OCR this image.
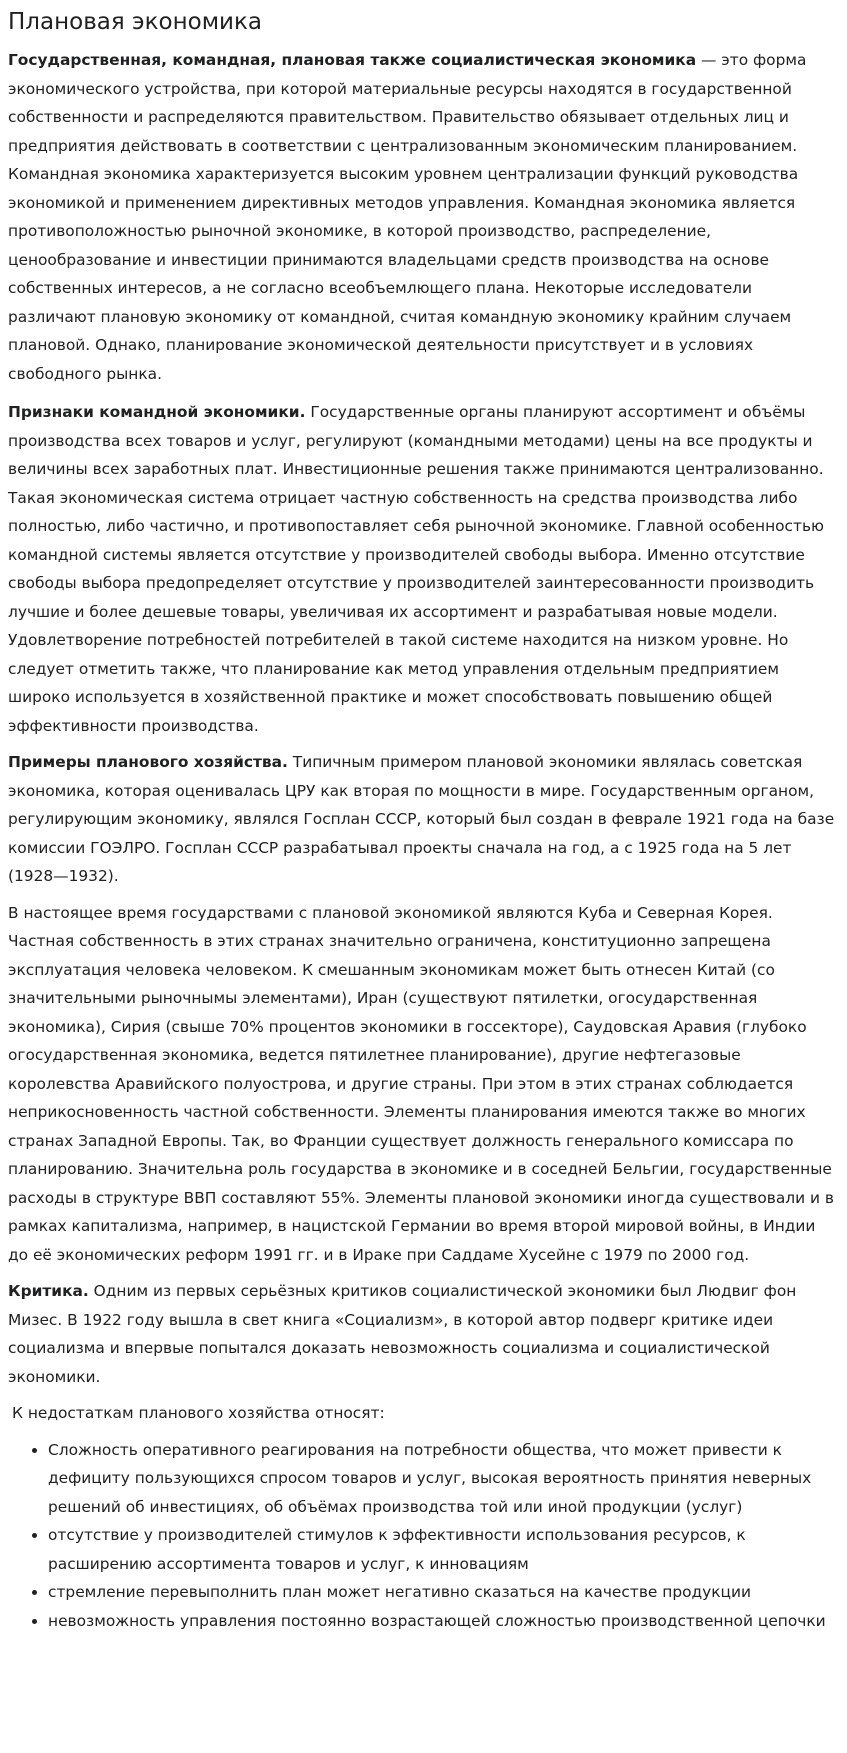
Плановая экономика

Государственная, командная, плановая также социалистическая экономика — это форма экономического устройства, при которой материальные ресурсы находятся в государственной собственности и распределяются правительством. Правительство обязывает отдельных лиц и предприятия действовать в соответствии с централизованным экономическим планированием. Командная экономика характеризуется высоким уровнем централизации функций руководства экономикой и применением директивных методов управления. Командная экономика является противоположностью рыночной экономике, в которой производство, распределение, ценообразование и инвестиции принимаются владельцами средств производства на основе собственных интересов, а не согласно всеобъемлющего плана. Некоторые исследователи различают плановую экономику от командной, считая командную экономику крайним случаем плановой. Однако, планирование экономической деятельности присутствует и в условиях свободного рынка.

Признаки командной экономики. Государственные органы планируют ассортимент и объёмы производства всех товаров и услуг, регулируют (командными методами) цены на все продукты и величины всех заработных плат. Инвестиционные решения также принимаются централизованно. Такая экономическая система отрицает частную собственность на средства производства либо полностью, либо частично, и противопоставляет себя рыночной экономике. Главной особенностью командной системы является отсутствие у производителей свободы выбора. Именно отсутствие свободы выбора предопределяет отсутствие у производителей заинтересованности производить лучшие и более дешевые товары, увеличивая их ассортимент и разрабатывая новые модели. Удовлетворение потребностей потребителей в такой системе находится на низком уровне. Но следует отметить также, что планирование как метод управления отдельным предприятием широко используется в хозяйственной практике и может способствовать повышению общей эффективности производства.

Примеры планового хозяйства. Типичным примером плановой экономики являлась советская экономика, которая оценивалась ЦРУ как вторая по мощности в мире. Государственным органом, регулирующим экономику, являлся Госплан СССР, который был создан в феврале 1921 года на базе комиссии ГОЭЛРО. Госплан СССР разрабатывал проекты сначала на год, а с 1925 года на 5 лет (1928—1932).

В настоящее время государствами с плановой экономикой являются Куба и Северная Корея. Частная собственность в этих странах значительно ограничена, конституционно запрещена эксплуатация человека человеком. К смешанным экономикам может быть отнесен Китай (со значительными рыночнымы элементами), Иран (существуют пятилетки, огосударственная экономика), Сирия (свыше 70% процентов экономики в госсекторе), Саудовская Аравия (глубоко огосударственная экономика, ведется пятилетнее планирование), другие нефтегазовые королевства Аравийского полуострова, и другие страны. При этом в этих странах соблюдается неприкосновенность частной собственности. Элементы планирования имеются также во многих странах Западной Европы. Так, во Франции существует должность генерального комиссара по планированию. Значительна роль государства в экономике и в соседней Бельгии, государственные расходы в структуре ВВП составляют 55%. Элементы плановой экономики иногда существовали и в рамках капитализма, например, в нацистской Германии во время второй мировой войны, в Индии до её экономических реформ 1991 гг. и в Ираке при Саддаме Хусейне с 1979 по 2000 год.

Критика. Одним из первых серьёзных критиков социалистической экономики был Людвиг фон Мизес. В 1922 году вышла в свет книга «Социализм», в которой автор подверг критике идеи социализма и впервые попытался доказать невозможность социализма и социалистической экономики.

К недостаткам планового хозяйства относят:

• Сложность оперативного реагирования на потребности общества, что может привести к дефициту пользующихся спросом товаров и услуг, высокая вероятность принятия неверных решений об инвестициях, об объёмах производства той или иной продукции (услуг)
• отсутствие у производителей стимулов к эффективности использования ресурсов, к расширению ассортимента товаров и услуг, к инновациям
• стремление перевыполнить план может негативно сказаться на качестве продукции
• невозможность управления постоянно возрастающей сложностью производственной цепочки
